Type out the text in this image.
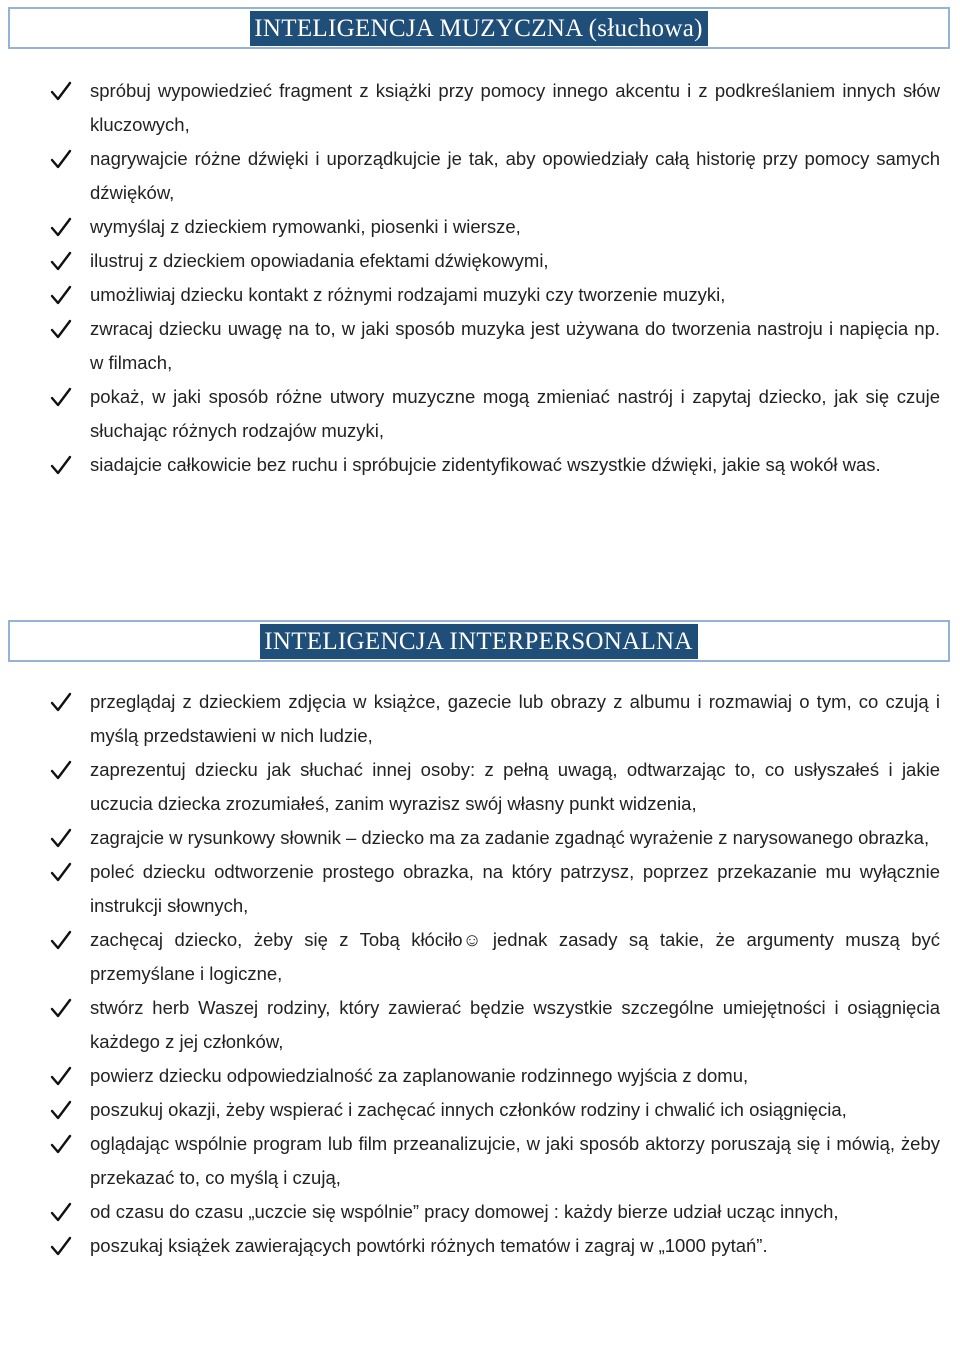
INTELIGENCJA MUZYCZNA (słuchowa)
spróbuj wypowiedzieć fragment z książki przy pomocy innego akcentu i z podkreślaniem innych słów kluczowych,
nagrywajcie różne dźwięki i uporządkujcie je tak, aby opowiedziały całą historię przy pomocy samych dźwięków,
wymyślaj z dzieckiem rymowanki, piosenki i wiersze,
ilustruj z dzieckiem opowiadania efektami dźwiękowymi,
umożliwiaj dziecku kontakt z różnymi rodzajami muzyki czy tworzenie muzyki,
zwracaj dziecku uwagę na to, w jaki sposób muzyka jest używana do tworzenia nastroju i napięcia np. w filmach,
pokaż, w jaki sposób różne utwory muzyczne mogą zmieniać nastrój i zapytaj dziecko, jak się czuje słuchając różnych rodzajów muzyki,
siadajcie całkowicie bez ruchu i spróbujcie zidentyfikować wszystkie dźwięki, jakie są wokół was.
INTELIGENCJA INTERPERSONALNA
przeglądaj z dzieckiem zdjęcia w książce, gazecie lub obrazy z albumu i rozmawiaj o tym, co czują i myślą przedstawieni w nich ludzie,
zaprezentuj dziecku jak słuchać innej osoby: z pełną uwagą, odtwarzając to, co usłyszałeś i jakie uczucia dziecka zrozumiałeś, zanim wyrazisz swój własny punkt widzenia,
zagrajcie w rysunkowy słownik – dziecko ma za zadanie zgadnąć wyrażenie z narysowanego obrazka,
poleć dziecku odtworzenie prostego obrazka, na który patrzysz, poprzez przekazanie mu wyłącznie instrukcji słownych,
zachęcaj dziecko, żeby się z Tobą kłóciło☺ jednak zasady są takie, że argumenty muszą być przemyślane i logiczne,
stwórz herb Waszej rodziny, który zawierać będzie wszystkie szczególne umiejętności i osiągnięcia każdego z jej członków,
powierz dziecku odpowiedzialność za zaplanowanie rodzinnego wyjścia z domu,
poszukuj okazji, żeby wspierać i zachęcać innych członków rodziny i chwalić ich osiągnięcia,
oglądając wspólnie program lub film przeanalizujcie, w jaki sposób aktorzy poruszają się i mówią, żeby przekazać to, co myślą i czują,
od czasu do czasu „uczcie się wspólnie” pracy domowej : każdy bierze udział ucząc innych,
poszukaj książek zawierających powtórki różnych tematów i zagraj w „1000 pytań”.
